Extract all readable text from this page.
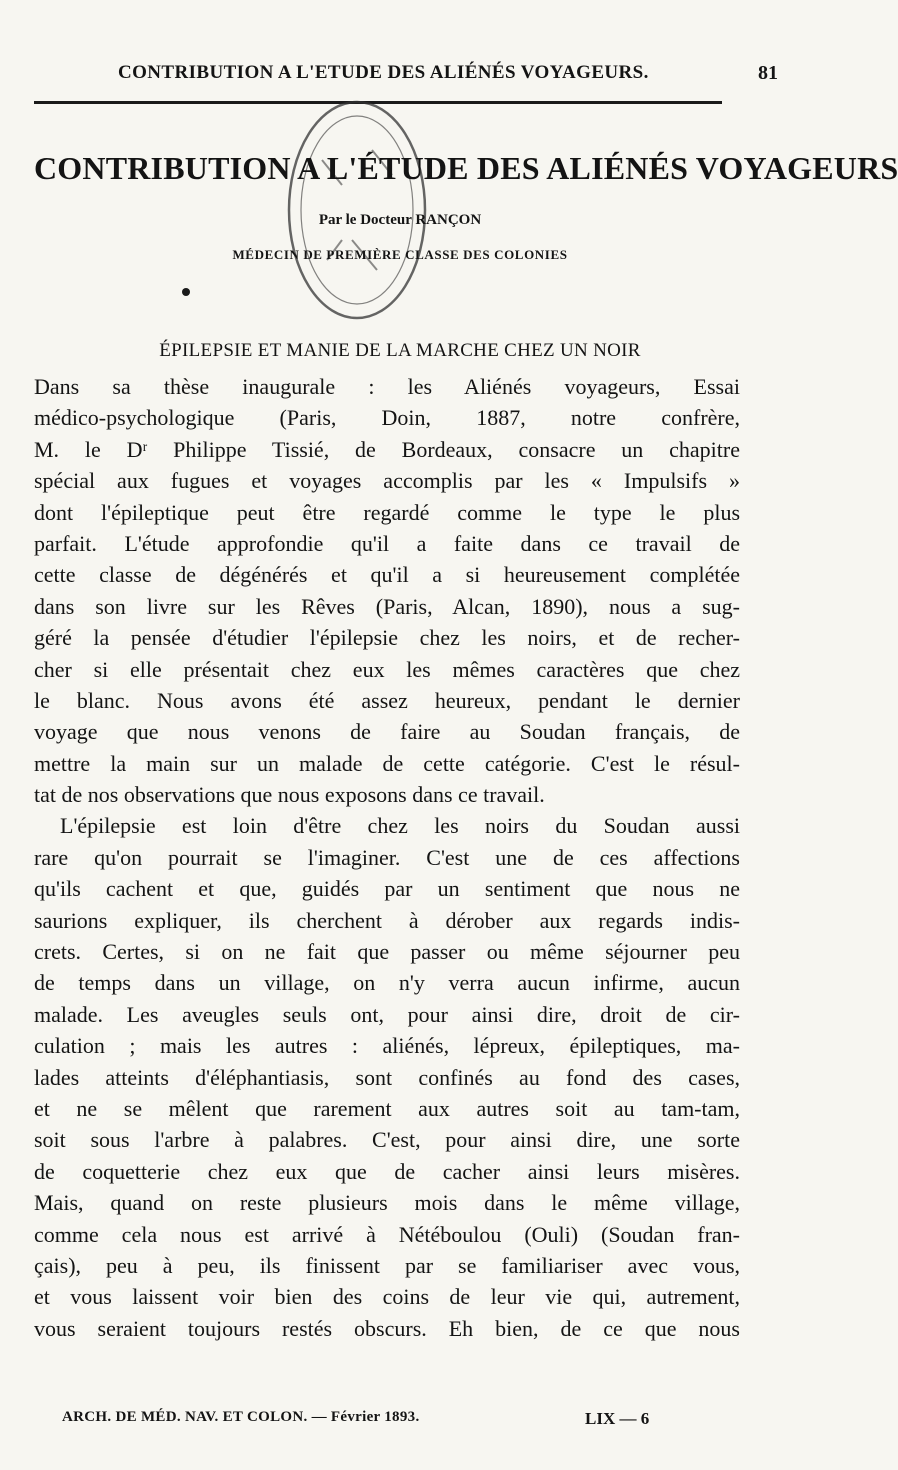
CONTRIBUTION A L'ETUDE DES ALIÉNÉS VOYAGEURS.	81
CONTRIBUTION A L'ÉTUDE DES ALIÉNÉS VOYAGEURS
Par le Docteur RANÇON
MÉDECIN DE PREMIÈRE CLASSE DES COLONIES
ÉPILEPSIE ET MANIE DE LA MARCHE CHEZ UN NOIR
Dans sa thèse inaugurale : les Aliénés voyageurs, Essai
médico-psychologique (Paris, Doin, 1887, notre confrère,
M. le Dʳ Philippe Tissié, de Bordeaux, consacre un chapitre
spécial aux fugues et voyages accomplis par les « Impulsifs »
dont l'épileptique peut être regardé comme le type le plus
parfait. L'étude approfondie qu'il a faite dans ce travail de
cette classe de dégénérés et qu'il a si heureusement complétée
dans son livre sur les Rêves (Paris, Alcan, 1890), nous a sug-
géré la pensée d'étudier l'épilepsie chez les noirs, et de recher-
cher si elle présentait chez eux les mêmes caractères que chez
le blanc. Nous avons été assez heureux, pendant le dernier
voyage que nous venons de faire au Soudan français, de
mettre la main sur un malade de cette catégorie. C'est le résul-
tat de nos observations que nous exposons dans ce travail.
L'épilepsie est loin d'être chez les noirs du Soudan aussi
rare qu'on pourrait se l'imaginer. C'est une de ces affections
qu'ils cachent et que, guidés par un sentiment que nous ne
saurions expliquer, ils cherchent à dérober aux regards indis-
crets. Certes, si on ne fait que passer ou même séjourner peu
de temps dans un village, on n'y verra aucun infirme, aucun
malade. Les aveugles seuls ont, pour ainsi dire, droit de cir-
culation ; mais les autres : aliénés, lépreux, épileptiques, ma-
lades atteints d'éléphantiasis, sont confinés au fond des cases,
et ne se mêlent que rarement aux autres soit au tam-tam,
soit sous l'arbre à palabres. C'est, pour ainsi dire, une sorte
de coquetterie chez eux que de cacher ainsi leurs misères.
Mais, quand on reste plusieurs mois dans le même village,
comme cela nous est arrivé à Nétéboulou (Ouli) (Soudan fran-
çais), peu à peu, ils finissent par se familiariser avec vous,
et vous laissent voir bien des coins de leur vie qui, autrement,
vous seraient toujours restés obscurs. Eh bien, de ce que nous
ARCH. DE MÉD. NAV. ET COLON. — Février 1893.	LIX — 6
